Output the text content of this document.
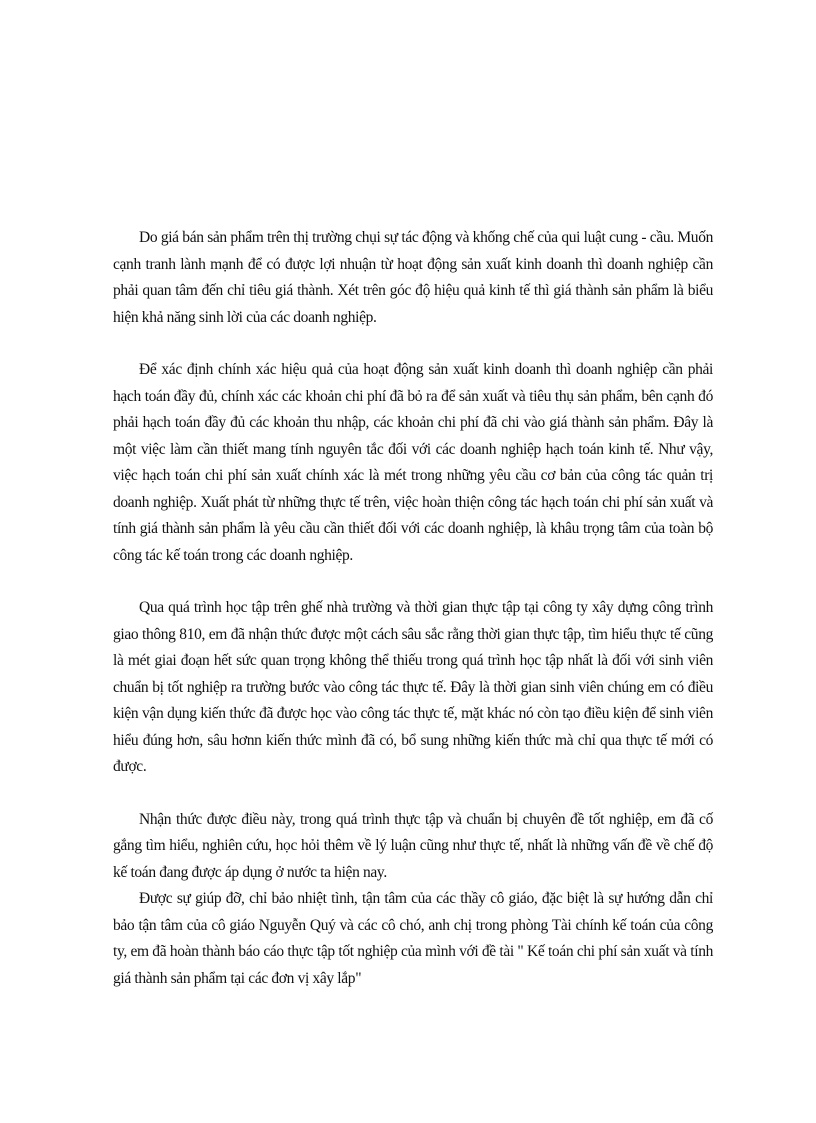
Do giá bán sản phẩm trên thị trường chụi sự tác động và khống chế của qui luật cung - cầu. Muốn cạnh tranh lành mạnh để có được lợi nhuận từ hoạt động sản xuất kinh doanh thì doanh nghiệp cần phải quan tâm đến chỉ tiêu giá thành. Xét trên góc độ hiệu quả kinh tế thì giá thành sản phẩm là biểu hiện khả năng sinh lời của các doanh nghiệp.

Để xác định chính xác hiệu quả của hoạt động sản xuất kinh doanh thì doanh nghiệp cần phải hạch toán đầy đủ, chính xác các khoản chi phí đã bỏ ra để sản xuất và tiêu thụ sản phẩm, bên cạnh đó phải hạch toán đầy đủ các khoản thu nhập, các khoản chi phí đã chi vào giá thành sản phẩm. Đây là một việc làm cần thiết mang tính nguyên tắc đối với các doanh nghiệp hạch toán kinh tế. Như vậy, việc hạch toán chi phí sản xuất chính xác là mét trong những yêu cầu cơ bản của công tác quản trị doanh nghiệp. Xuất phát từ những thực tế trên, việc hoàn thiện công tác hạch toán chi phí sản xuất và tính giá thành sản phẩm là yêu cầu cần thiết đối với các doanh nghiệp, là khâu trọng tâm của toàn bộ công tác kế toán trong các doanh nghiệp.

Qua quá trình học tập trên ghế nhà trường và thời gian thực tập tại công ty xây dựng công trình giao thông 810, em đã nhận thức được một cách sâu sắc rằng thời gian thực tập, tìm hiểu thực tế cũng là mét giai đoạn hết sức quan trọng không thể thiếu trong quá trình học tập nhất là đối với sinh viên chuẩn bị tốt nghiệp ra trường bước vào công tác thực tế. Đây là thời gian sinh viên chúng em có điều kiện vận dụng kiến thức đã được học vào công tác thực tế, mặt khác nó còn tạo điều kiện để sinh viên hiểu đúng hơn, sâu hơnn kiến thức mình đã có, bổ sung những kiến thức mà chỉ qua thực tế mới có được.

Nhận thức được điều này, trong quá trình thực tập và chuẩn bị chuyên đề tốt nghiệp, em đã cố gắng tìm hiểu, nghiên cứu, học hỏi thêm về lý luận cũng như thực tế, nhất là những vấn đề về chế độ kế toán đang được áp dụng ở nước ta hiện nay.

Được sự giúp đỡ, chỉ bảo nhiệt tình, tận tâm của các thầy cô giáo, đặc biệt là sự hướng dẫn chỉ bảo tận tâm của cô giáo Nguyễn Quý và các cô chó, anh chị trong phòng Tài chính kế toán của công ty, em đã hoàn thành báo cáo thực tập tốt nghiệp của mình với đề tài " Kế toán chi phí sản xuất và tính giá thành sản phẩm tại các đơn vị xây lắp"
